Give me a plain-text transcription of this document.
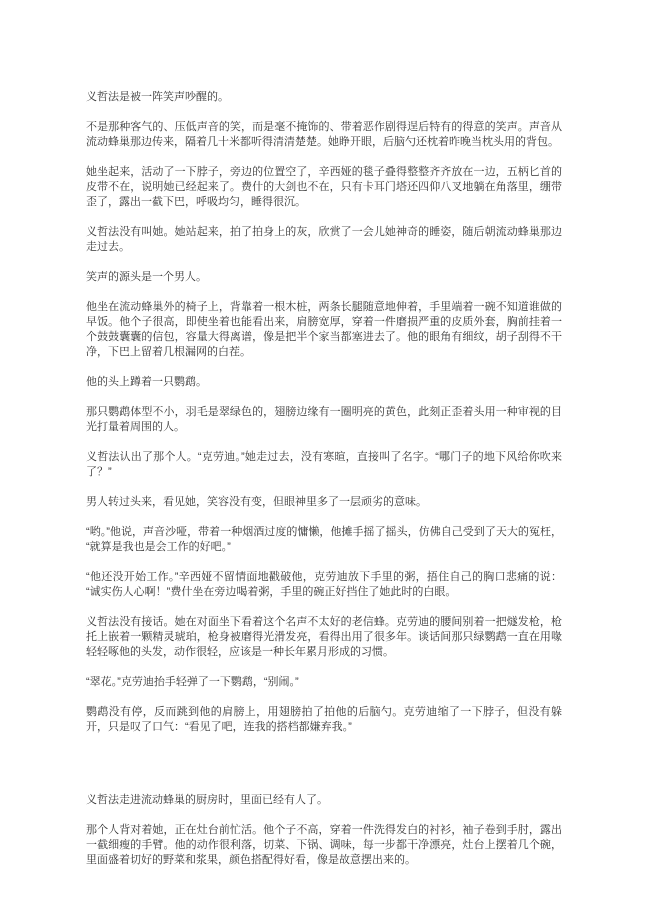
义哲法是被一阵笑声吵醒的。

不是那种客气的、压低声音的笑，而是毫不掩饰的、带着恶作剧得逞后特有的得意的笑声。声音从流动蜂巢那边传来，隔着几十米都听得清清楚楚。她睁开眼，后脑勺还枕着昨晚当枕头用的背包。

她坐起来，活动了一下脖子，旁边的位置空了，辛西娅的毯子叠得整整齐齐放在一边，五柄匕首的皮带不在，说明她已经起来了。费什的大剑也不在，只有卡耳门塔还四仰八叉地躺在角落里，绷带歪了，露出一截下巴，呼吸均匀，睡得很沉。

义哲法没有叫她。她站起来，拍了拍身上的灰，欣赏了一会儿她神奇的睡姿，随后朝流动蜂巢那边走过去。

笑声的源头是一个男人。

他坐在流动蜂巢外的椅子上，背靠着一根木桩，两条长腿随意地伸着，手里端着一碗不知道谁做的早饭。他个子很高，即使坐着也能看出来，肩膀宽厚，穿着一件磨损严重的皮质外套，胸前挂着一个鼓鼓囊囊的信包，容量大得离谱，像是把半个家当都塞进去了。他的眼角有细纹，胡子刮得不干净，下巴上留着几根漏网的白茬。

他的头上蹲着一只鹦鹉。

那只鹦鹉体型不小，羽毛是翠绿色的，翅膀边缘有一圈明亮的黄色，此刻正歪着头用一种审视的目光打量着周围的人。

义哲法认出了那个人。“克劳迪。”她走过去，没有寒暄，直接叫了名字。“哪门子的地下风给你吹来了？”

男人转过头来，看见她，笑容没有变，但眼神里多了一层顽劣的意味。

“哟。”他说，声音沙哑，带着一种烟酒过度的慵懒，他摊手摇了摇头，仿佛自己受到了天大的冤枉，“就算是我也是会工作的好吧。”

“他还没开始工作。”辛西娅不留情面地戳破他，克劳迪放下手里的粥，捂住自己的胸口悲痛的说：“诚实伤人心啊！”费什坐在旁边喝着粥，手里的碗正好挡住了她此时的白眼。

义哲法没有接话。她在对面坐下看着这个名声不太好的老信蜂。克劳迪的腰间别着一把燧发枪，枪托上嵌着一颗精灵琥珀，枪身被磨得光滑发亮，看得出用了很多年。谈话间那只绿鹦鹉一直在用喙轻轻啄他的头发，动作很轻，应该是一种长年累月形成的习惯。

“翠花。”克劳迪抬手轻弹了一下鹦鹉，“别闹。”

鹦鹉没有停，反而跳到他的肩膀上，用翅膀拍了拍他的后脑勺。克劳迪缩了一下脖子，但没有躲开，只是叹了口气：“看见了吧，连我的搭档都嫌弃我。”

义哲法走进流动蜂巢的厨房时，里面已经有人了。

那个人背对着她，正在灶台前忙活。他个子不高，穿着一件洗得发白的衬衫，袖子卷到手肘，露出一截细瘦的手臂。他的动作很利落，切菜、下锅、调味，每一步都干净漂亮，灶台上摆着几个碗，里面盛着切好的野菜和浆果，颜色搭配得好看，像是故意摆出来的。
